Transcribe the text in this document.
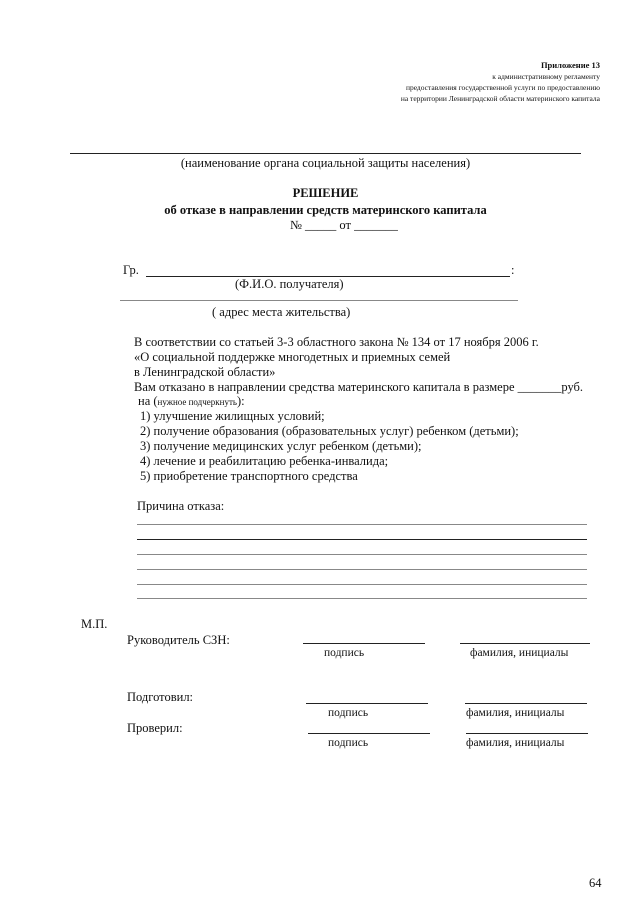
Приложение 13
к административному регламенту
предоставления государственной услуги по предоставлению
на территории Ленинградской области материнского капитала
(наименование органа социальной защиты населения)
РЕШЕНИЕ
об отказе в направлении средств материнского капитала
№ _____ от _______
Гр.	:
(Ф.И.О. получателя)
( адрес места жительства)
В соответствии со статьей 3-3 областного закона № 134 от 17 ноября 2006 г.
«О социальной поддержке многодетных и приемных семей
в Ленинградской области»
Вам отказано в направлении средства материнского капитала в размере _______руб.
на (нужное подчеркнуть):
1) улучшение жилищных условий;
2) получение образования (образовательных услуг) ребенком (детьми);
3) получение медицинских услуг ребенком (детьми);
4) лечение и реабилитацию ребенка-инвалида;
5) приобретение транспортного средства
Причина отказа:
М.П.
Руководитель СЗН:
подпись	фамилия, инициалы
Подготовил:
подпись	фамилия, инициалы
Проверил:
подпись	фамилия, инициалы
64
